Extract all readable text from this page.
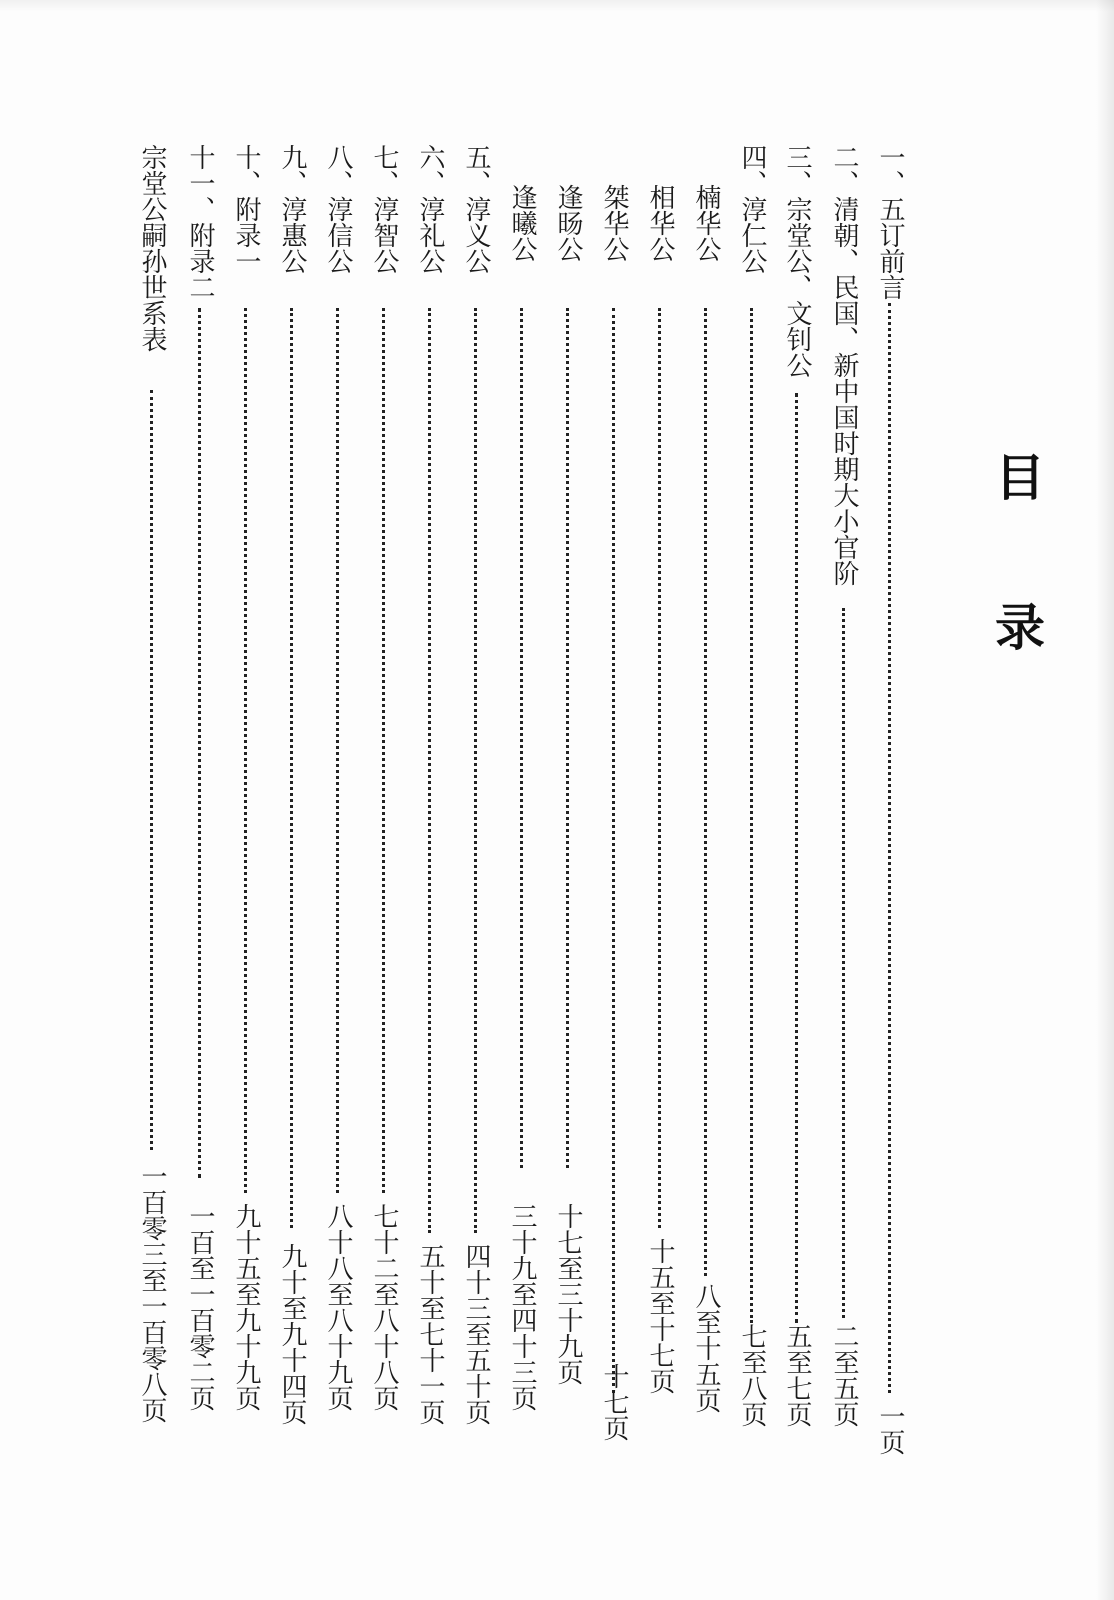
目
录
一、五订前言
一页
二、清朝、民国、新中国时期大小官阶
二至五页
三、宗堂公、文钊公
五至七页
四、淳仁公
七至八页
楠华公
八至十五页
相华公
十五至十七页
桀华公
十七页
逢旸公
十七至三十九页
逢曦公
三十九至四十三页
五、淳义公
四十三至五十页
六、淳礼公
五十至七十一页
七、淳智公
七十二至八十八页
八、淳信公
八十八至八十九页
九、淳惠公
九十至九十四页
十、附录一
九十五至九十九页
十一、附录二
一百至一百零二页
宗堂公嗣孙世系表
一百零三至一百零八页
